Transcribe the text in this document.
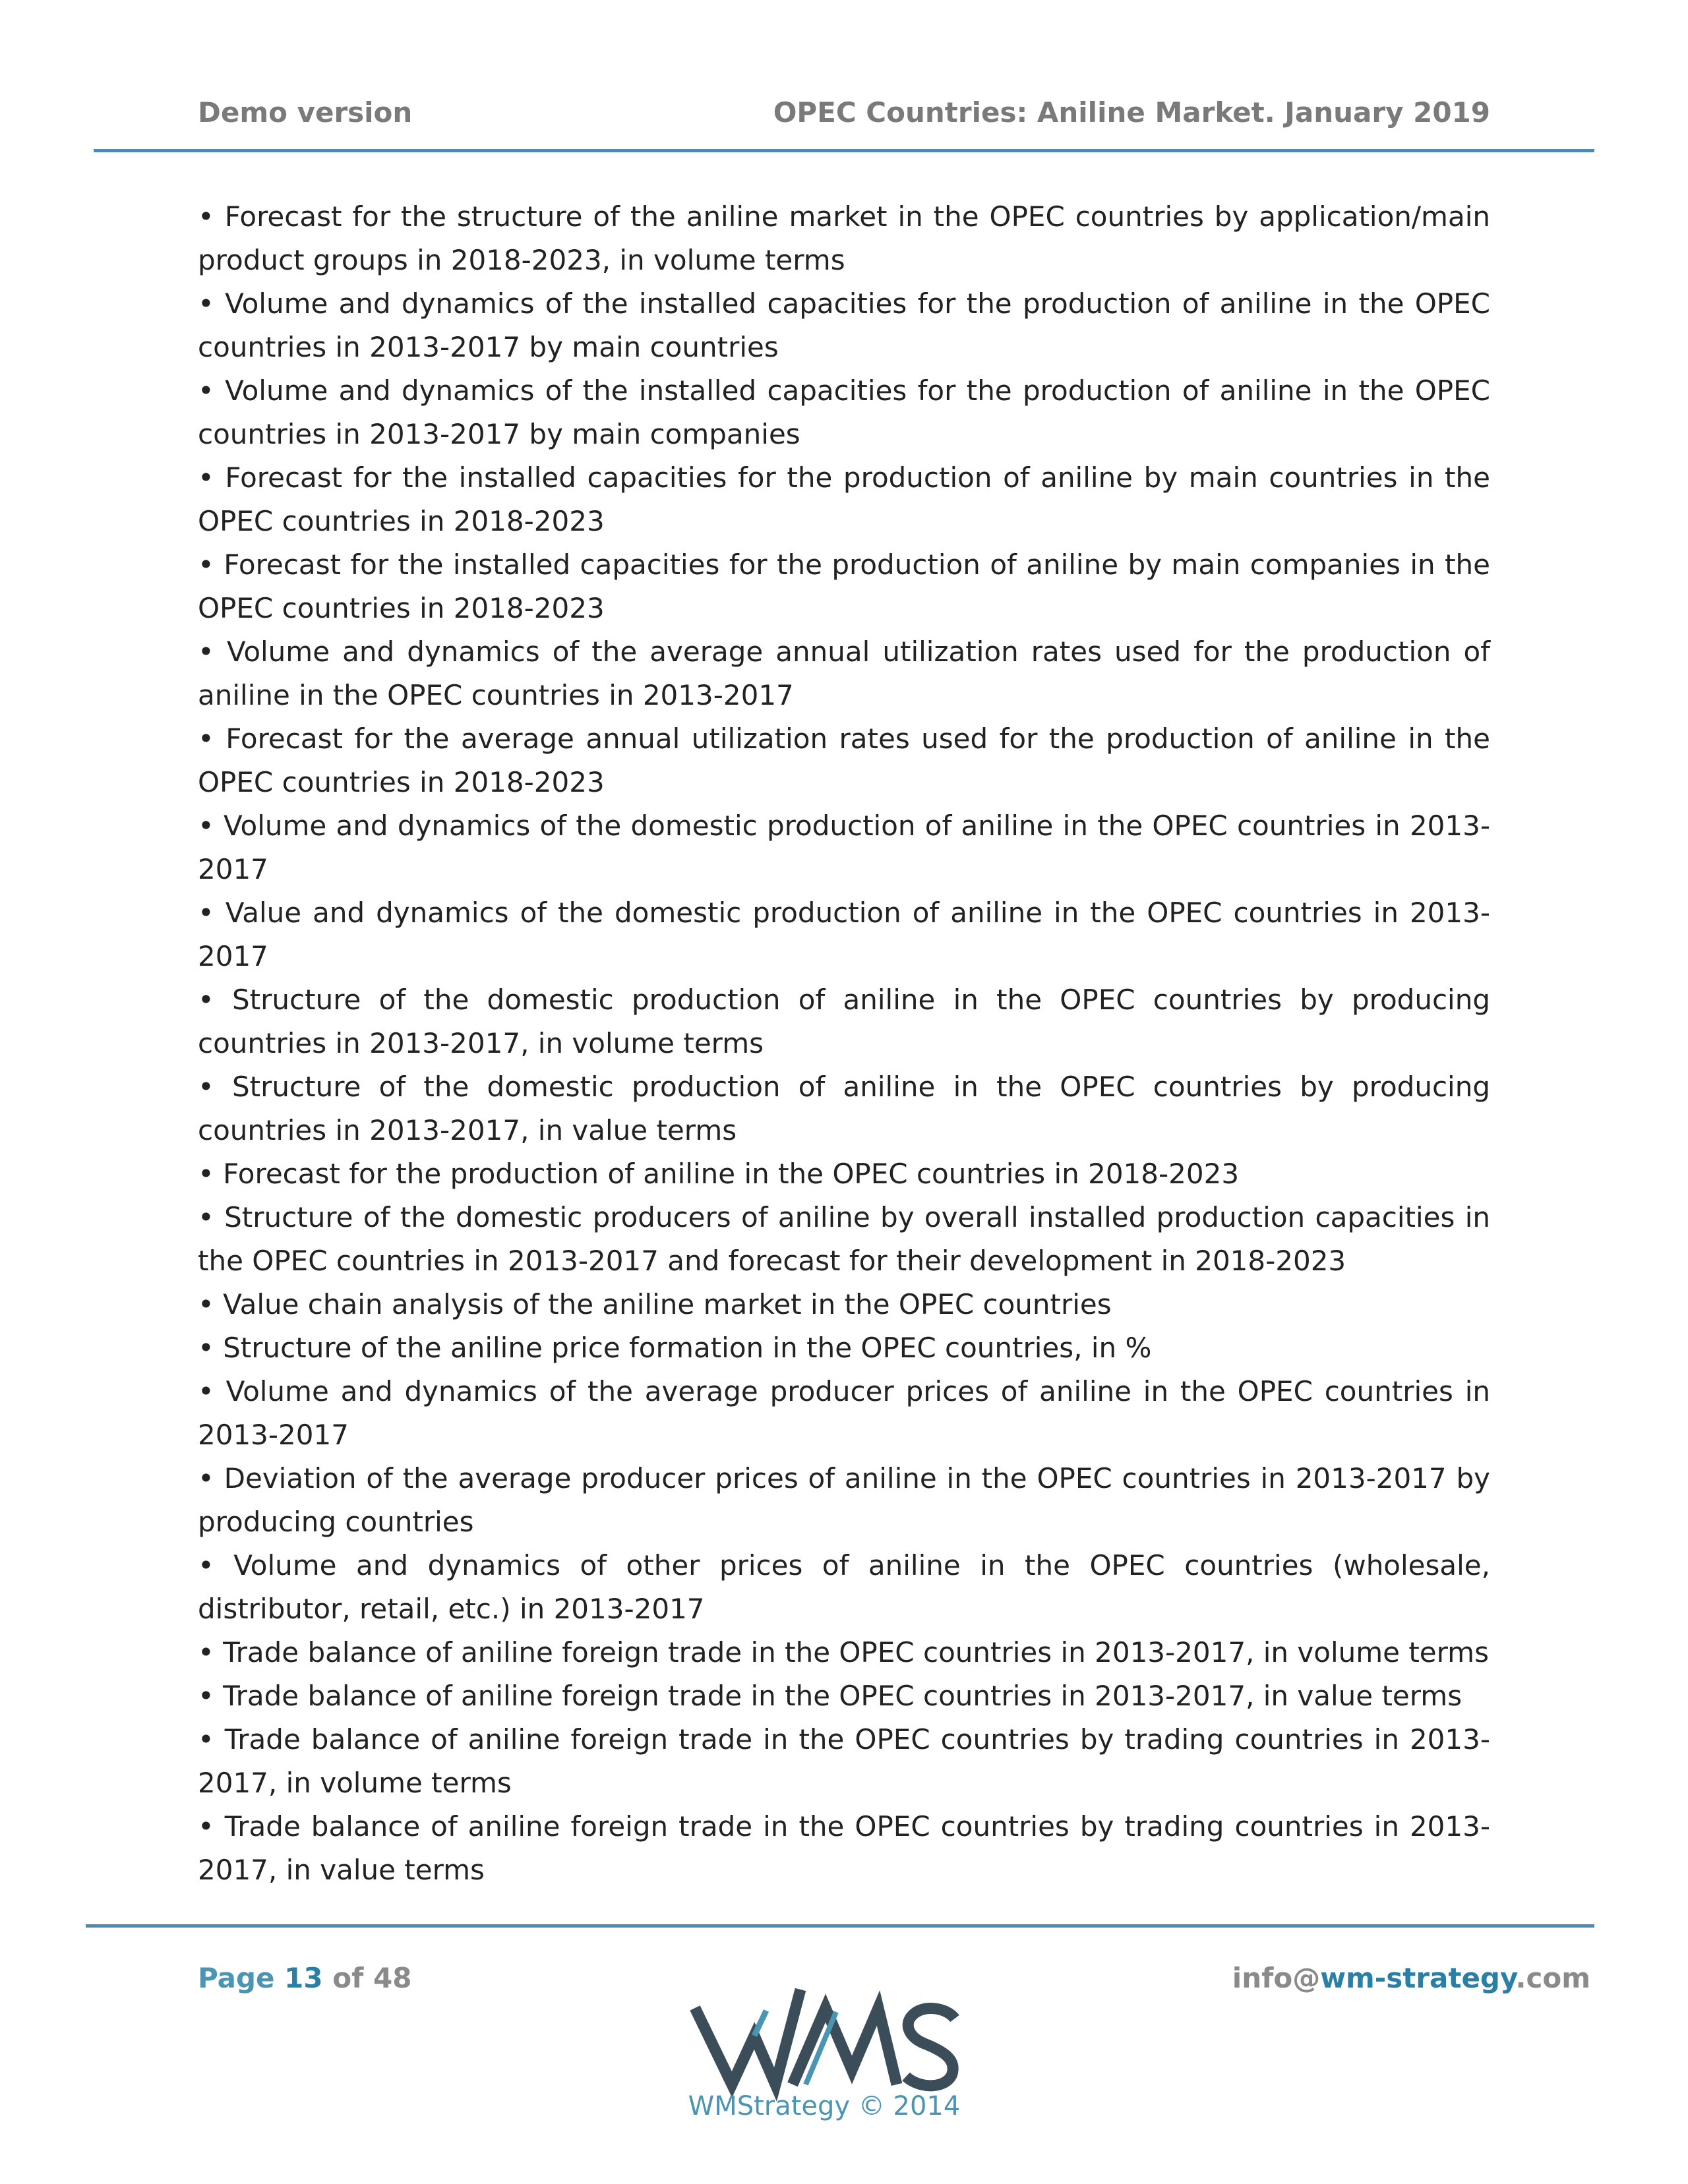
Demo version	OPEC Countries: Aniline Market. January 2019

• Forecast for the structure of the aniline market in the OPEC countries by application/main product groups in 2018-2023, in volume terms

• Volume and dynamics of the installed capacities for the production of aniline in the OPEC countries in 2013-2017 by main countries

• Volume and dynamics of the installed capacities for the production of aniline in the OPEC countries in 2013-2017 by main companies

• Forecast for the installed capacities for the production of aniline by main countries in the OPEC countries in 2018-2023

• Forecast for the installed capacities for the production of aniline by main companies in the OPEC countries in 2018-2023

• Volume and dynamics of the average annual utilization rates used for the production of aniline in the OPEC countries in 2013-2017

• Forecast for the average annual utilization rates used for the production of aniline in the OPEC countries in 2018-2023

• Volume and dynamics of the domestic production of aniline in the OPEC countries in 2013-2017

• Value and dynamics of the domestic production of aniline in the OPEC countries in 2013-2017

• Structure of the domestic production of aniline in the OPEC countries by producing countries in 2013-2017, in volume terms

• Structure of the domestic production of aniline in the OPEC countries by producing countries in 2013-2017, in value terms

• Forecast for the production of aniline in the OPEC countries in 2018-2023

• Structure of the domestic producers of aniline by overall installed production capacities in the OPEC countries in 2013-2017 and forecast for their development in 2018-2023

• Value chain analysis of the aniline market in the OPEC countries

• Structure of the aniline price formation in the OPEC countries, in %

• Volume and dynamics of the average producer prices of aniline in the OPEC countries in 2013-2017

• Deviation of the average producer prices of aniline in the OPEC countries in 2013-2017 by producing countries

• Volume and dynamics of other prices of aniline in the OPEC countries (wholesale, distributor, retail, etc.) in 2013-2017

• Trade balance of aniline foreign trade in the OPEC countries in 2013-2017, in volume terms

• Trade balance of aniline foreign trade in the OPEC countries in 2013-2017, in value terms

• Trade balance of aniline foreign trade in the OPEC countries by trading countries in 2013-2017, in volume terms

• Trade balance of aniline foreign trade in the OPEC countries by trading countries in 2013-2017, in value terms

Page 13 of 48	info@wm-strategy.com
WMStrategy © 2014
